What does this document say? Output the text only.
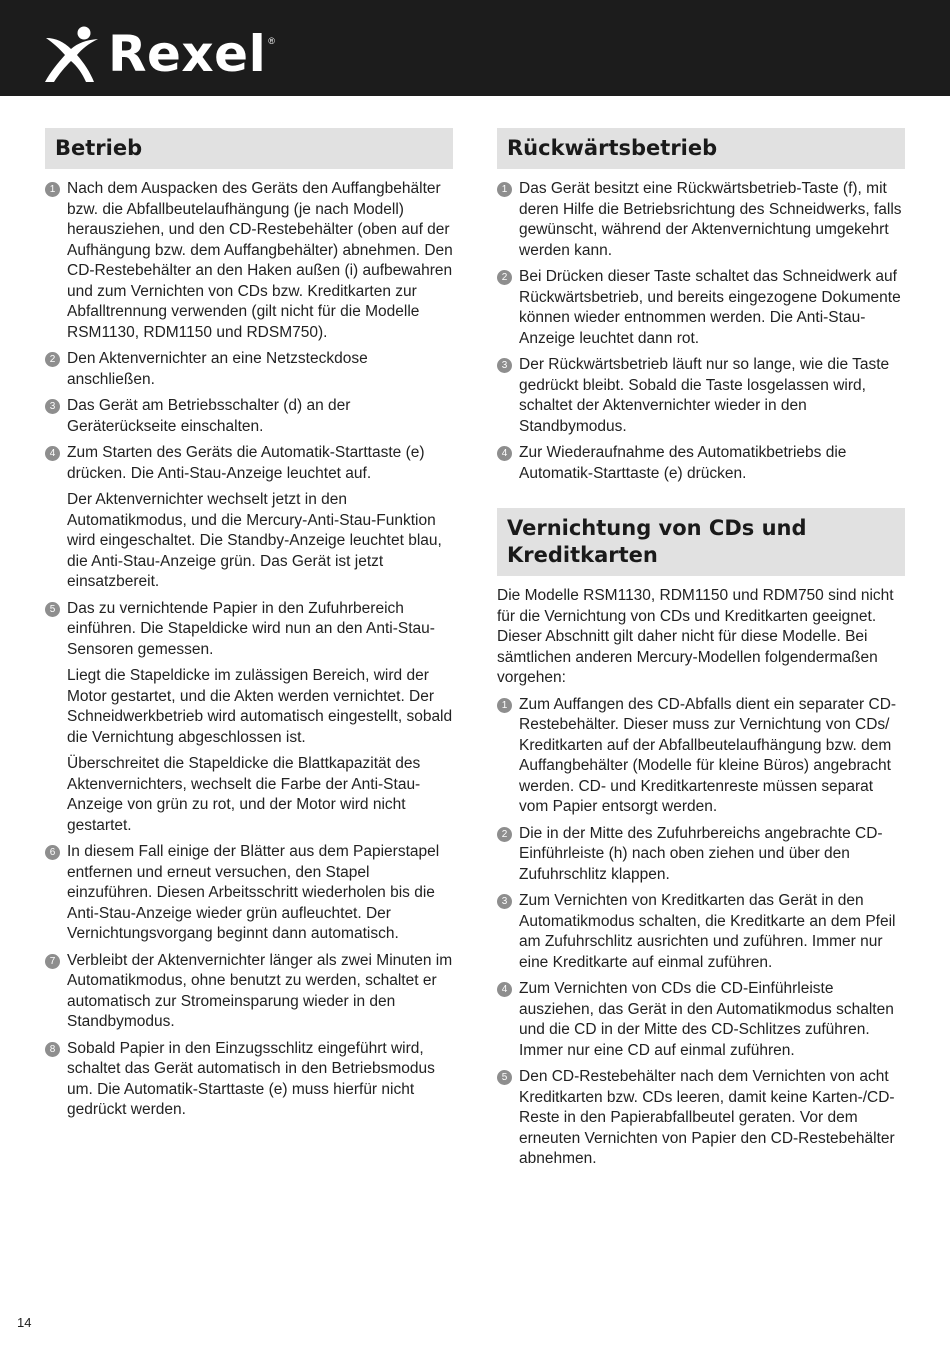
Rexel ®
Betrieb
1 Nach dem Auspacken des Geräts den Auffangbehälter bzw. die Abfallbeutelaufhängung (je nach Modell) herausziehen, und den CD-Restebehälter (oben auf der Aufhängung bzw. dem Auffangbehälter) abnehmen. Den CD-Restebehälter an den Haken außen (i) aufbewahren und zum Vernichten von CDs bzw. Kreditkarten zur Abfalltrennung verwenden (gilt nicht für die Modelle RSM1130, RDM1150 und RDSM750).

2 Den Aktenvernichter an eine Netzsteckdose anschließen.

3 Das Gerät am Betriebsschalter (d) an der Geräterückseite einschalten.

4 Zum Starten des Geräts die Automatik-Starttaste (e) drücken. Die Anti-Stau-Anzeige leuchtet auf.

Der Aktenvernichter wechselt jetzt in den Automatikmodus, und die Mercury-Anti-Stau-Funktion wird eingeschaltet. Die Standby-Anzeige leuchtet blau, die Anti-Stau-Anzeige grün. Das Gerät ist jetzt einsatzbereit.

5 Das zu vernichtende Papier in den Zufuhrbereich einführen. Die Stapeldicke wird nun an den Anti-Stau-Sensoren gemessen.

Liegt die Stapeldicke im zulässigen Bereich, wird der Motor gestartet, und die Akten werden vernichtet. Der Schneidwerkbetrieb wird automatisch eingestellt, sobald die Vernichtung abgeschlossen ist.

Überschreitet die Stapeldicke die Blattkapazität des Aktenvernichters, wechselt die Farbe der Anti-Stau-Anzeige von grün zu rot, und der Motor wird nicht gestartet.

6 In diesem Fall einige der Blätter aus dem Papierstapel entfernen und erneut versuchen, den Stapel einzuführen. Diesen Arbeitsschritt wiederholen bis die Anti-Stau-Anzeige wieder grün aufleuchtet. Der Vernichtungsvorgang beginnt dann automatisch.

7 Verbleibt der Aktenvernichter länger als zwei Minuten im Automatikmodus, ohne benutzt zu werden, schaltet er automatisch zur Stromeinsparung wieder in den Standbymodus.

8 Sobald Papier in den Einzugsschlitz eingeführt wird, schaltet das Gerät automatisch in den Betriebsmodus um. Die Automatik-Starttaste (e) muss hierfür nicht gedrückt werden.

Rückwärtsbetrieb
1 Das Gerät besitzt eine Rückwärtsbetrieb-Taste (f), mit deren Hilfe die Betriebsrichtung des Schneidwerks, falls gewünscht, während der Aktenvernichtung umgekehrt werden kann.

2 Bei Drücken dieser Taste schaltet das Schneidwerk auf Rückwärtsbetrieb, und bereits eingezogene Dokumente können wieder entnommen werden. Die Anti-Stau-Anzeige leuchtet dann rot.

3 Der Rückwärtsbetrieb läuft nur so lange, wie die Taste gedrückt bleibt. Sobald die Taste losgelassen wird, schaltet der Aktenvernichter wieder in den Standbymodus.

4 Zur Wiederaufnahme des Automatikbetriebs die Automatik-Starttaste (e) drücken.

Vernichtung von CDs und Kreditkarten

Die Modelle RSM1130, RDM1150 und RDM750 sind nicht für die Vernichtung von CDs und Kreditkarten geeignet. Dieser Abschnitt gilt daher nicht für diese Modelle. Bei sämtlichen anderen Mercury-Modellen folgendermaßen vorgehen:

1 Zum Auffangen des CD-Abfalls dient ein separater CD-Restebehälter. Dieser muss zur Vernichtung von CDs/ Kreditkarten auf der Abfallbeutelaufhängung bzw. dem Auffangbehälter (Modelle für kleine Büros) angebracht werden. CD- und Kreditkartenreste müssen separat vom Papier entsorgt werden.

2 Die in der Mitte des Zufuhrbereichs angebrachte CD-Einführleiste (h) nach oben ziehen und über den Zufuhrschlitz klappen.

3 Zum Vernichten von Kreditkarten das Gerät in den Automatikmodus schalten, die Kreditkarte an dem Pfeil am Zufuhrschlitz ausrichten und zuführen. Immer nur eine Kreditkarte auf einmal zuführen.

4 Zum Vernichten von CDs die CD-Einführleiste ausziehen, das Gerät in den Automatikmodus schalten und die CD in der Mitte des CD-Schlitzes zuführen. Immer nur eine CD auf einmal zuführen.

5 Den CD-Restebehälter nach dem Vernichten von acht Kreditkarten bzw. CDs leeren, damit keine Karten-/CD-Reste in den Papierabfallbeutel geraten. Vor dem erneuten Vernichten von Papier den CD-Restebehälter abnehmen.

14
